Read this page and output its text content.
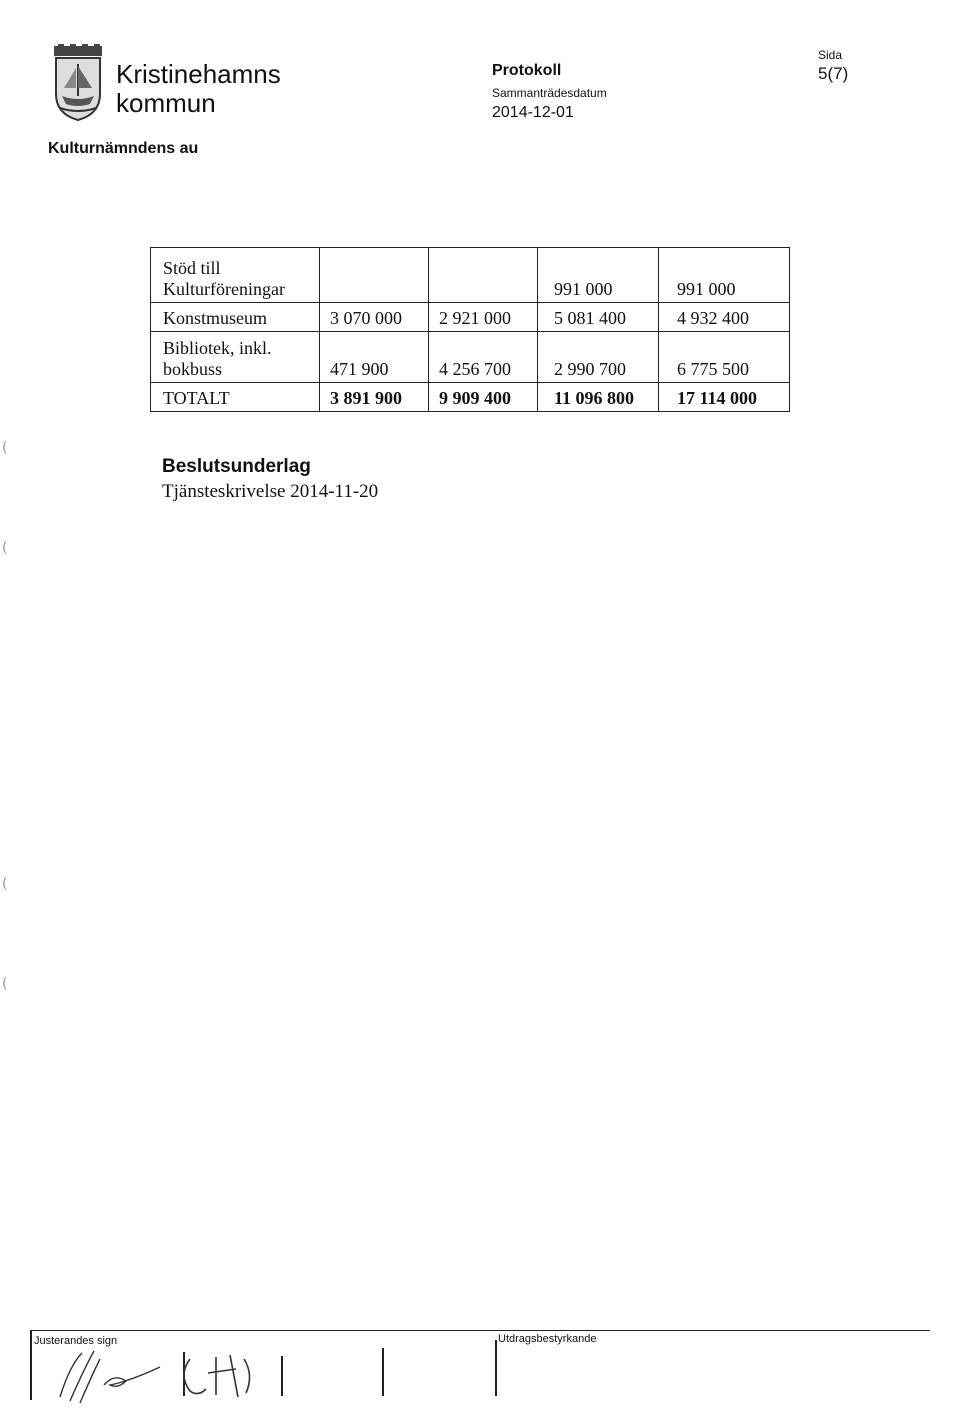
Kristinehamns
kommun
Protokoll
Sammanträdesdatum
2014-12-01
Sida
5(7)
Kulturnämndens au
Stöd till
Kulturföreningar			991 000	991 000
Konstmuseum	3 070 000	2 921 000	5 081 400	4 932 400

Bibliotek, inkl.
bokbuss	471 900	4 256 700	2 990 700	6 775 500
TOTALT	3 891 900	9 909 400	11 096 800	17 114 000
Beslutsunderlag
Tjänsteskrivelse 2014-11-20
(
(
(
(
Justerandes sign	Utdragsbestyrkande
